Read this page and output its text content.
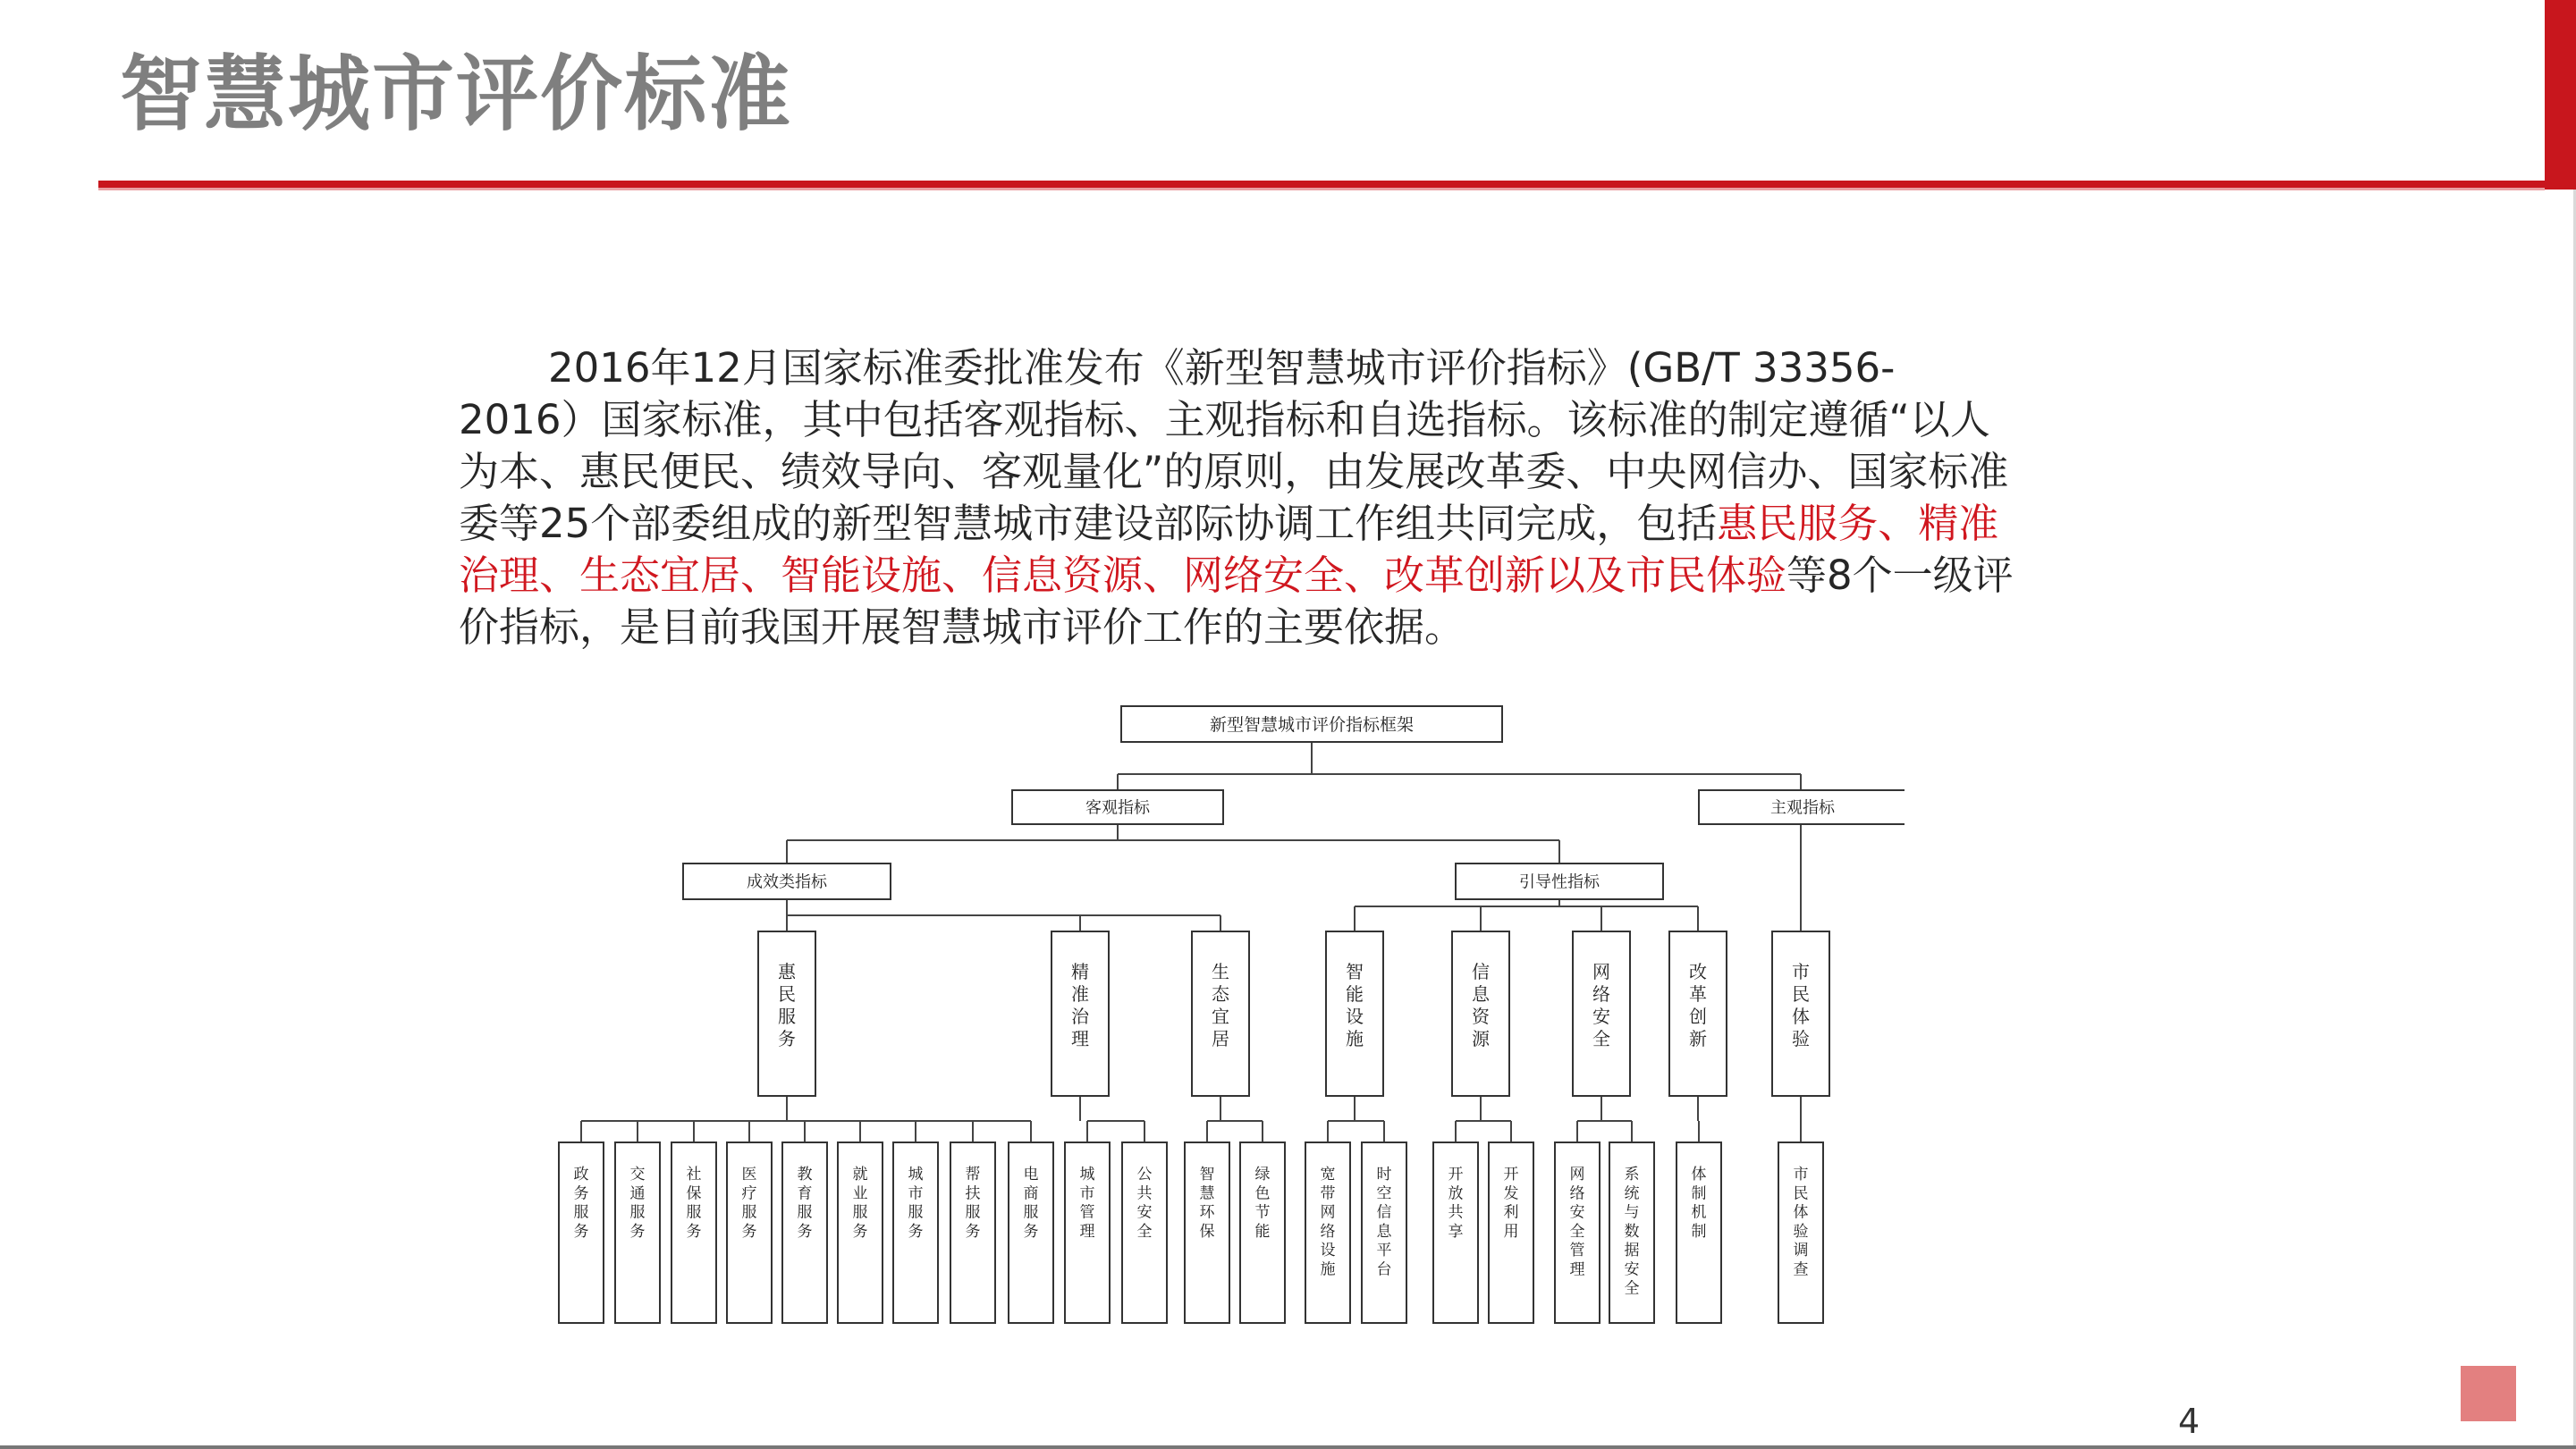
智慧城市评价标准
2016年12月国家标准委批准发布《新型智慧城市评价指标》(GB/T 33356-2016）国家标准，其中包括客观指标、主观指标和自选指标。该标准的制定遵循“以人为本、惠民便民、绩效导向、客观量化”的原则，由发展改革委、中央网信办、国家标准委等25个部委组成的新型智慧城市建设部际协调工作组共同完成，包括惠民服务、精准治理、生态宜居、智能设施、信息资源、网络安全、改革创新以及市民体验等8个一级评价指标，是目前我国开展智慧城市评价工作的主要依据。
新型智慧城市评价指标框架
客观指标	主观指标
成效类指标	引导性指标
惠
民
服
务
精
准
治
理
生
态
宜
居
智
能
设
施
信
息
资
源
网
络
安
全
改
革
创
新
市
民
体
验
政
务
服
务
交
通
服
务
社
保
服
务
医
疗
服
务
教
育
服
务
就
业
服
务
城
市
服
务
帮
扶
服
务
电
商
服
务
城
市
管
理
公
共
安
全
智
慧
环
保
绿
色
节
能
宽
带
网
络
设
施
时
空
信
息
平
台
开
放
共
享
开
发
利
用
网
络
安
全
管
理
系
统
与
数
据
安
全
体
制
机
制
市
民
体
验
调
查
4
